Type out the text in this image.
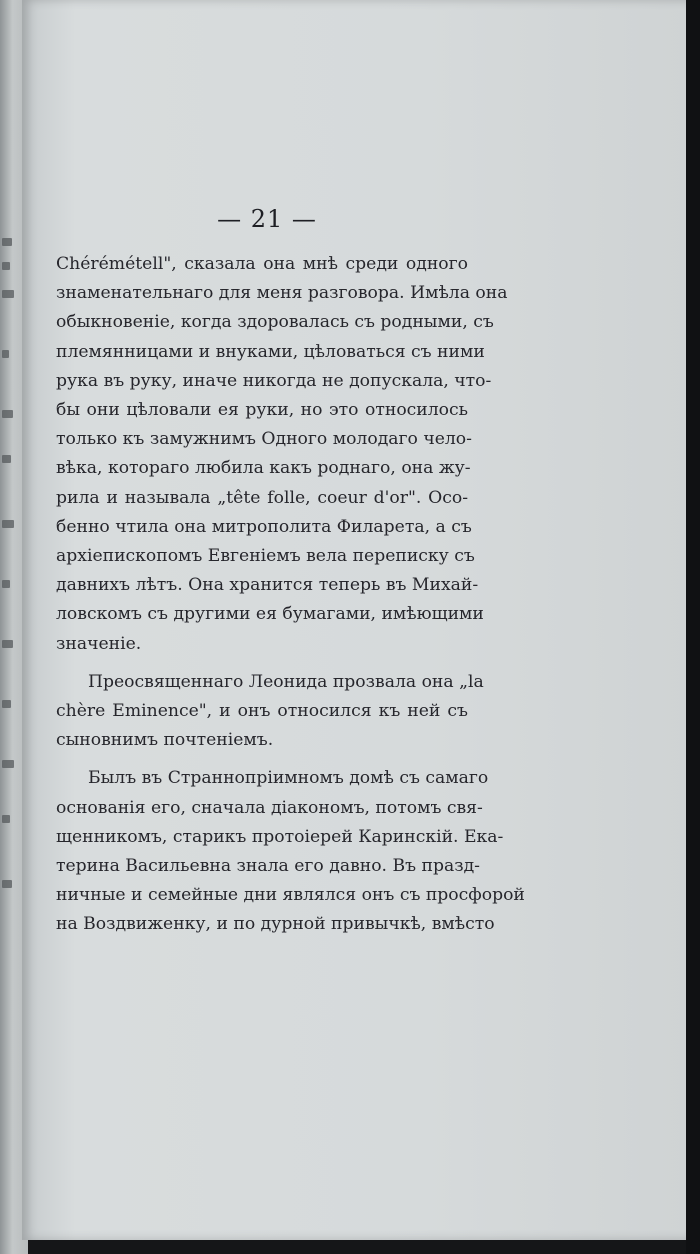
— 21 —
Chérémétell", сказала она мнѣ среди одного
знаменательнаго для меня разговора. Имѣла она
обыкновеніе, когда здоровалась съ родными, съ
племянницами и внуками, цѣловаться съ ними
рука въ руку, иначе никогда не допускала, что-
бы они цѣловали ея руки, но это относилось
только къ замужнимъ Одного молодаго чело-
вѣка, котораго любила какъ роднаго, она жу-
рила и называла „tête folle, coeur d'or". Осо-
бенно чтила она митрополита Филарета, а съ
архіепископомъ Евгеніемъ вела переписку съ
давнихъ лѣтъ. Она хранится теперь въ Михай-
ловскомъ съ другими ея бумагами, имѣющими
значеніе.
Преосвященнаго Леонида прозвала она „la
chère Eminence", и онъ относился къ ней съ
сыновнимъ почтеніемъ.
Былъ въ Страннопріимномъ домѣ съ самаго
основанія его, сначала діакономъ, потомъ свя-
щенникомъ, старикъ протоіерей Каринскій. Ека-
терина Васильевна знала его давно. Въ празд-
ничные и семейные дни являлся онъ съ просфорой
на Воздвиженку, и по дурной привычкѣ, вмѣсто
